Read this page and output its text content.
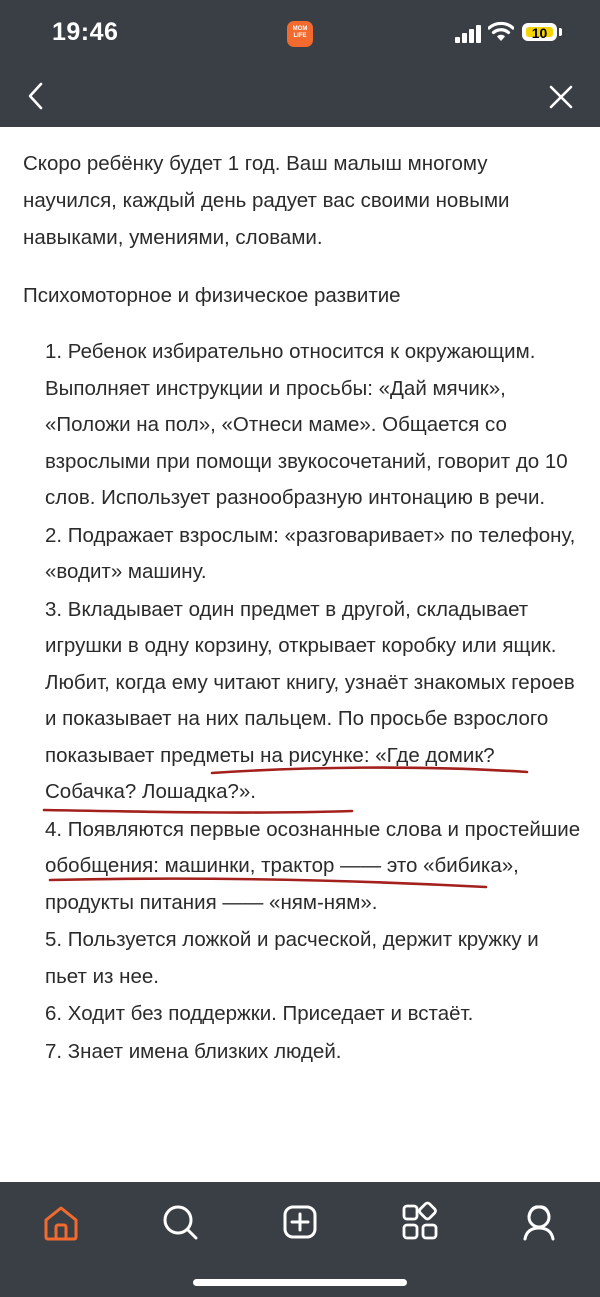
19:46	MOM
LIFE	10

Скоро ребёнку будет 1 год. Ваш малыш многому научился, каждый день радует вас своими новыми навыками, умениями, словами.

Психомоторное и физическое развитие

1. Ребенок избирательно относится к окружающим. Выполняет инструкции и просьбы: «Дай мячик», «Положи на пол», «Отнеси маме». Общается со взрослыми при помощи звукосочетаний, говорит до 10 слов. Использует разнообразную интонацию в речи.
2. Подражает взрослым: «разговаривает» по телефону, «водит» машину.
3. Вкладывает один предмет в другой, складывает игрушки в одну корзину, открывает коробку или ящик. Любит, когда ему читают книгу, узнаёт знакомых героев и показывает на них пальцем. По просьбе взрослого показывает предметы на рисунке: «Где домик? Собачка? Лошадка?».
4. Появляются первые осознанные слова и простейшие обобщения: машинки, трактор —— это «бибика», продукты питания —— «ням-ням».
5. Пользуется ложкой и расческой, держит кружку и пьет из нее.
6. Ходит без поддержки. Приседает и встаёт.
7. Знает имена близких людей.
